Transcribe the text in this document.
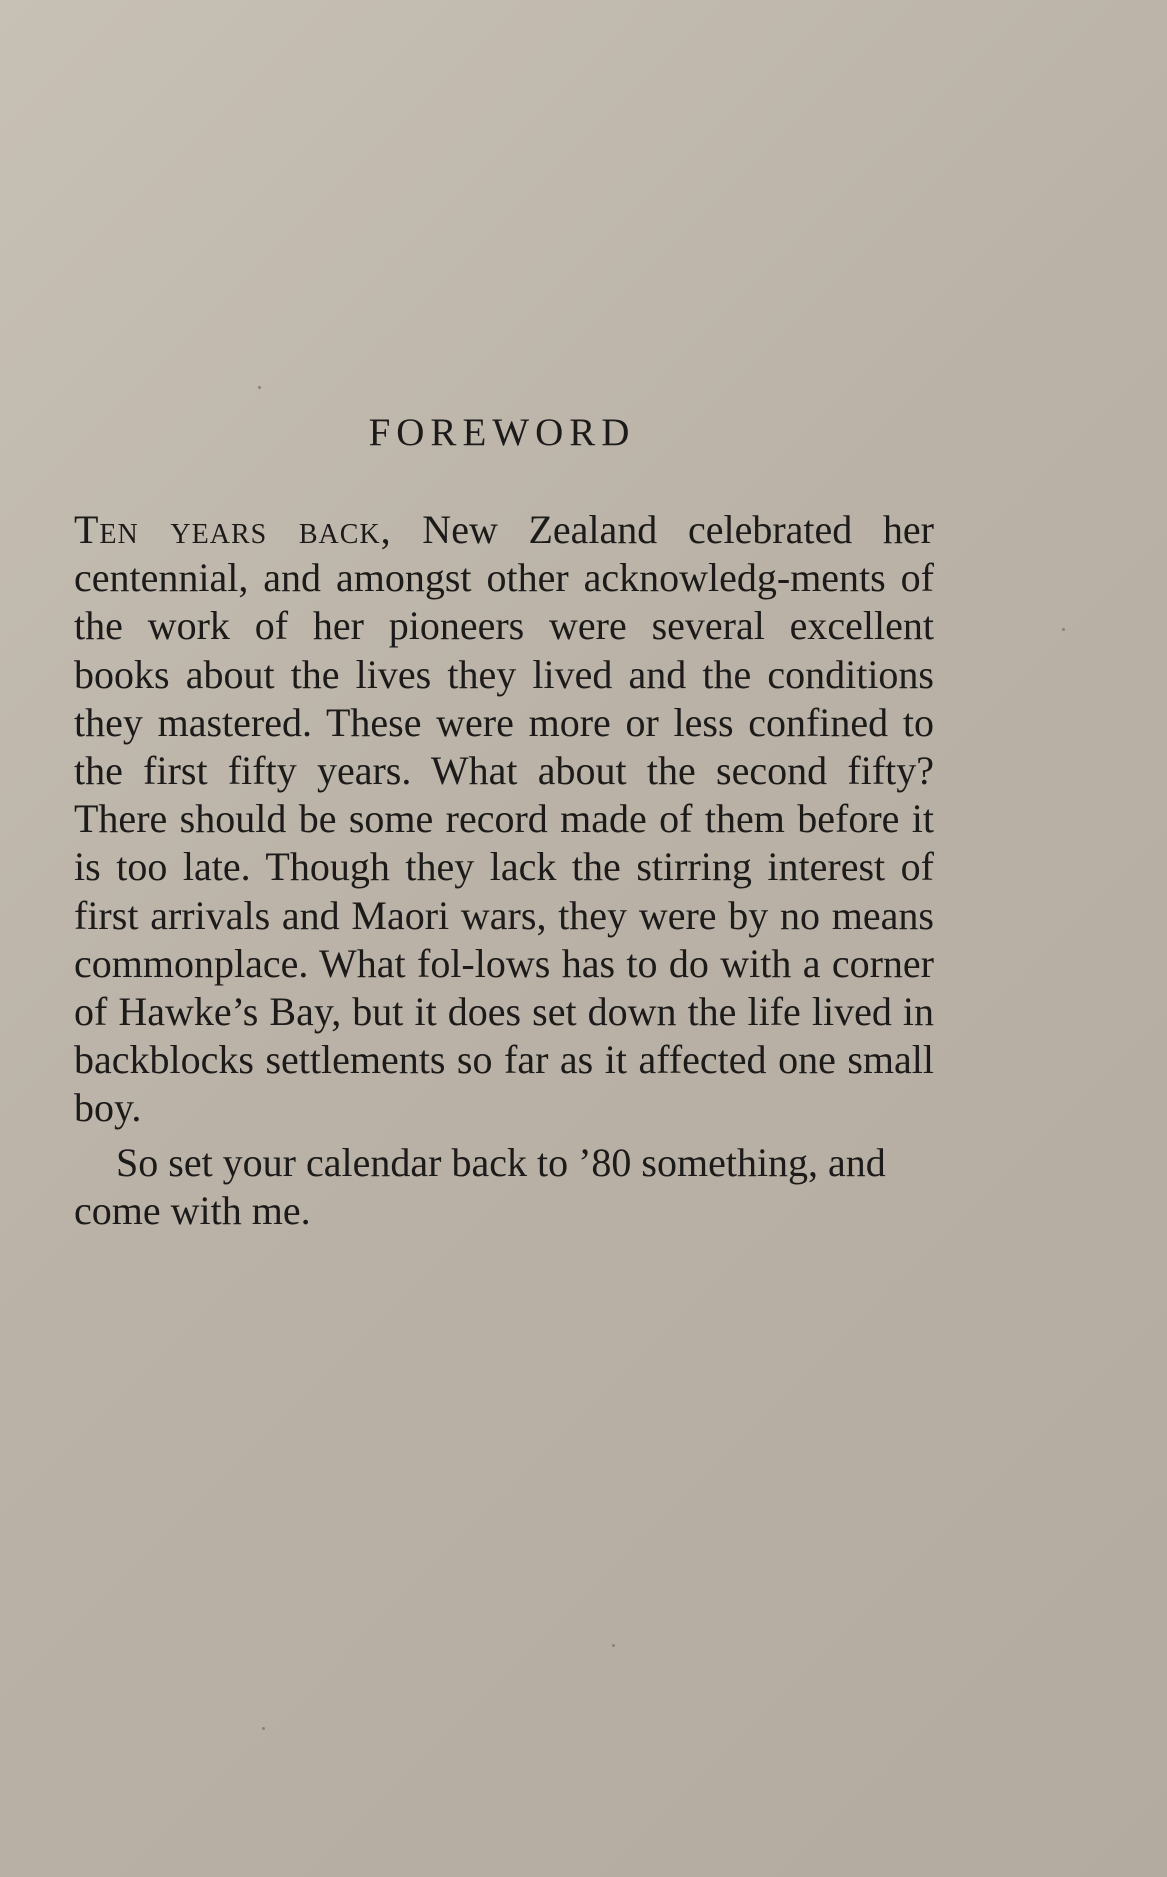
FOREWORD

Ten years back, New Zealand celebrated her centennial, and amongst other acknowledg-ments of the work of her pioneers were several excellent books about the lives they lived and the conditions they mastered. These were more or less confined to the first fifty years. What about the second fifty? There should be some record made of them before it is too late. Though they lack the stirring interest of first arrivals and Maori wars, they were by no means commonplace. What fol-lows has to do with a corner of Hawke’s Bay, but it does set down the life lived in backblocks settlements so far as it affected one small boy.

So set your calendar back to ’80 something, and come with me.
